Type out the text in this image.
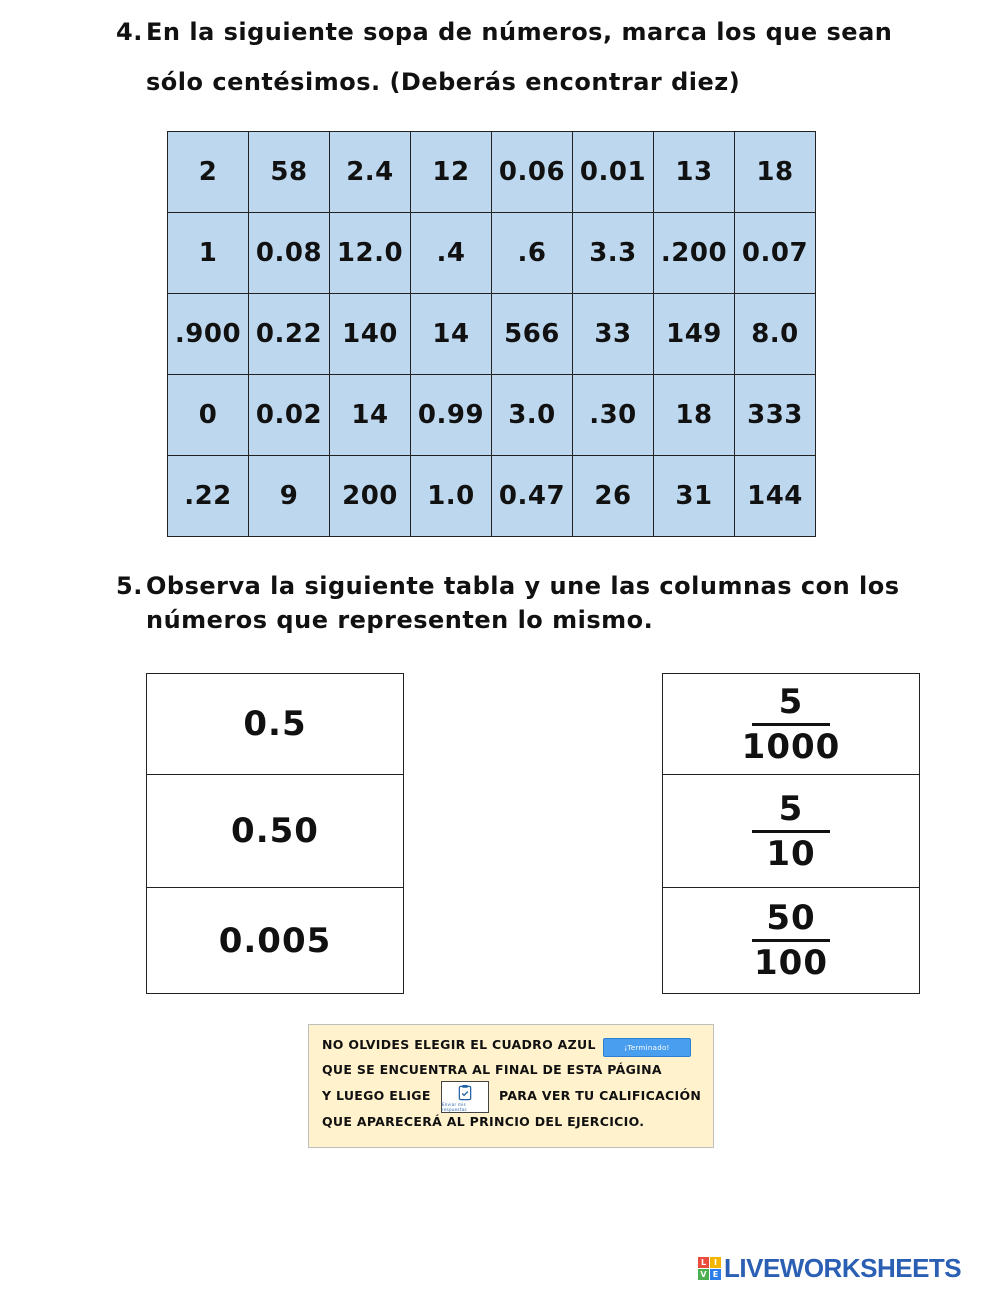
4. En la siguiente sopa de números, marca los que sean
sólo centésimos. (Deberás encontrar diez)
2	58	2.4	12	0.06	0.01	13	18
1	0.08	12.0	.4	.6	3.3	.200	0.07
.900	0.22	140	14	566	33	149	8.0
0	0.02	14	0.99	3.0	.30	18	333
.22	9	200	1.0	0.47	26	31	144
5. Observa la siguiente tabla y une las columnas con los
números que representen lo mismo.
0.5
0.50
0.005
$\frac{5}{1000}$
$\frac{5}{10}$
$\frac{50}{100}$
NO OLVIDES ELEGIR EL CUADRO AZUL	¡Terminado!
QUE SE ENCUENTRA AL FINAL DE ESTA PÁGINA
Y LUEGO ELIGE
Enviar mis respuestas
PARA VER TU CALIFICACIÓN
QUE APARECERÁ AL PRINCIO DEL EJERCICIO.
L I
V E LIVEWORKSHEETS
